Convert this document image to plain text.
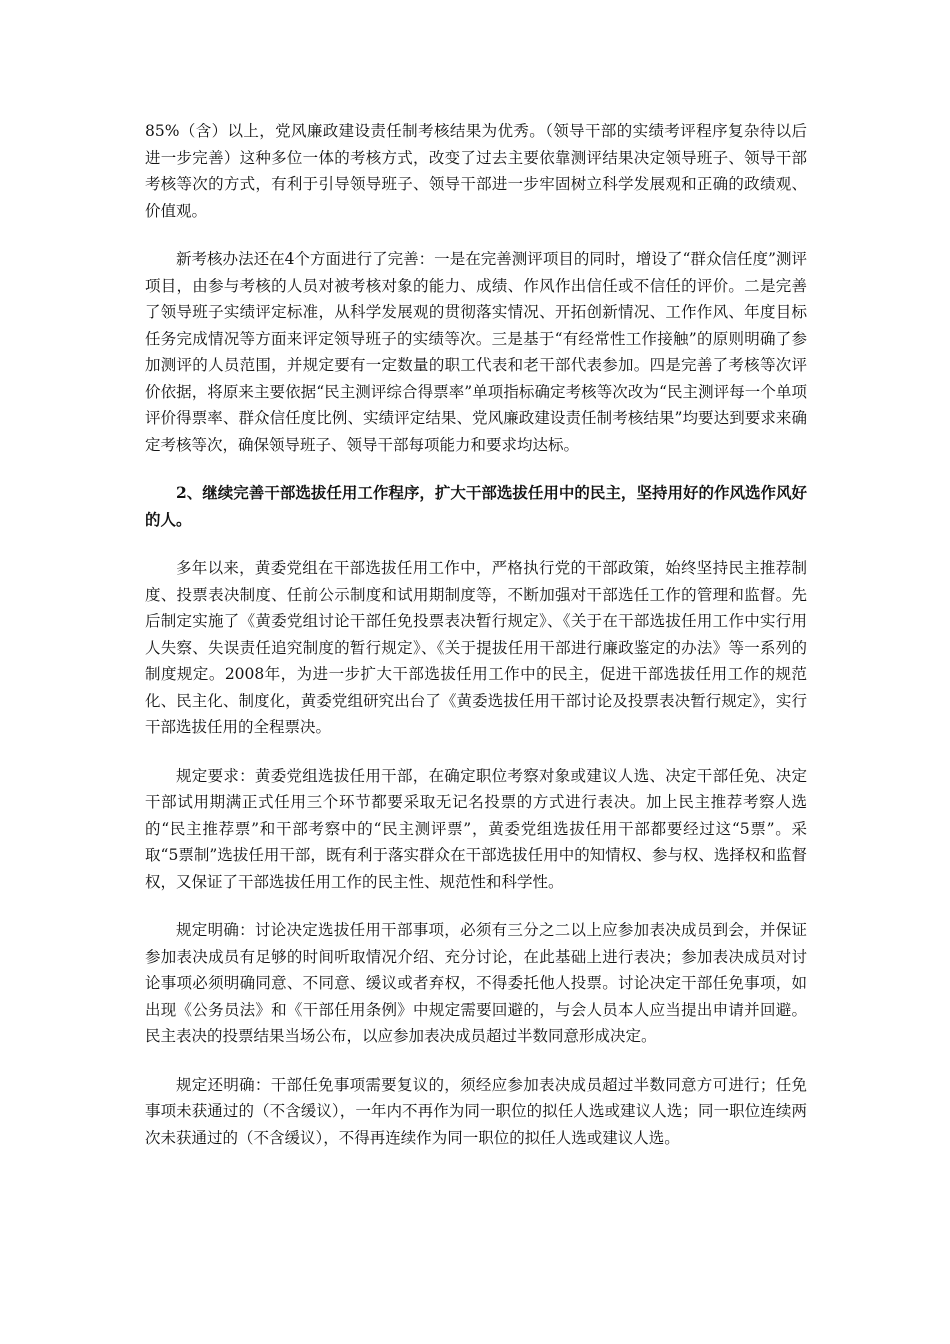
85%（含）以上，党风廉政建设责任制考核结果为优秀。（领导干部的实绩考评程序复杂待以后进一步完善）这种多位一体的考核方式，改变了过去主要依靠测评结果决定领导班子、领导干部考核等次的方式，有利于引导领导班子、领导干部进一步牢固树立科学发展观和正确的政绩观、价值观。

新考核办法还在4个方面进行了完善：一是在完善测评项目的同时，增设了“群众信任度”测评项目，由参与考核的人员对被考核对象的能力、成绩、作风作出信任或不信任的评价。二是完善了领导班子实绩评定标准，从科学发展观的贯彻落实情况、开拓创新情况、工作作风、年度目标任务完成情况等方面来评定领导班子的实绩等次。三是基于“有经常性工作接触”的原则明确了参加测评的人员范围，并规定要有一定数量的职工代表和老干部代表参加。四是完善了考核等次评价依据，将原来主要依据“民主测评综合得票率”单项指标确定考核等次改为“民主测评每一个单项评价得票率、群众信任度比例、实绩评定结果、党风廉政建设责任制考核结果”均要达到要求来确定考核等次，确保领导班子、领导干部每项能力和要求均达标。

2、继续完善干部选拔任用工作程序，扩大干部选拔任用中的民主，坚持用好的作风选作风好的人。

多年以来，黄委党组在干部选拔任用工作中，严格执行党的干部政策，始终坚持民主推荐制度、投票表决制度、任前公示制度和试用期制度等，不断加强对干部选任工作的管理和监督。先后制定实施了《黄委党组讨论干部任免投票表决暂行规定》、《关于在干部选拔任用工作中实行用人失察、失误责任追究制度的暂行规定》、《关于提拔任用干部进行廉政鉴定的办法》等一系列的制度规定。2008年，为进一步扩大干部选拔任用工作中的民主，促进干部选拔任用工作的规范化、民主化、制度化，黄委党组研究出台了《黄委选拔任用干部讨论及投票表决暂行规定》，实行干部选拔任用的全程票决。

规定要求：黄委党组选拔任用干部，在确定职位考察对象或建议人选、决定干部任免、决定干部试用期满正式任用三个环节都要采取无记名投票的方式进行表决。加上民主推荐考察人选的“民主推荐票”和干部考察中的“民主测评票”，黄委党组选拔任用干部都要经过这“5票”。采取“5票制”选拔任用干部，既有利于落实群众在干部选拔任用中的知情权、参与权、选择权和监督权，又保证了干部选拔任用工作的民主性、规范性和科学性。

规定明确：讨论决定选拔任用干部事项，必须有三分之二以上应参加表决成员到会，并保证参加表决成员有足够的时间听取情况介绍、充分讨论，在此基础上进行表决；参加表决成员对讨论事项必须明确同意、不同意、缓议或者弃权，不得委托他人投票。讨论决定干部任免事项，如出现《公务员法》和《干部任用条例》中规定需要回避的，与会人员本人应当提出申请并回避。民主表决的投票结果当场公布，以应参加表决成员超过半数同意形成决定。

规定还明确：干部任免事项需要复议的，须经应参加表决成员超过半数同意方可进行；任免事项未获通过的（不含缓议），一年内不再作为同一职位的拟任人选或建议人选；同一职位连续两次未获通过的（不含缓议），不得再连续作为同一职位的拟任人选或建议人选。
